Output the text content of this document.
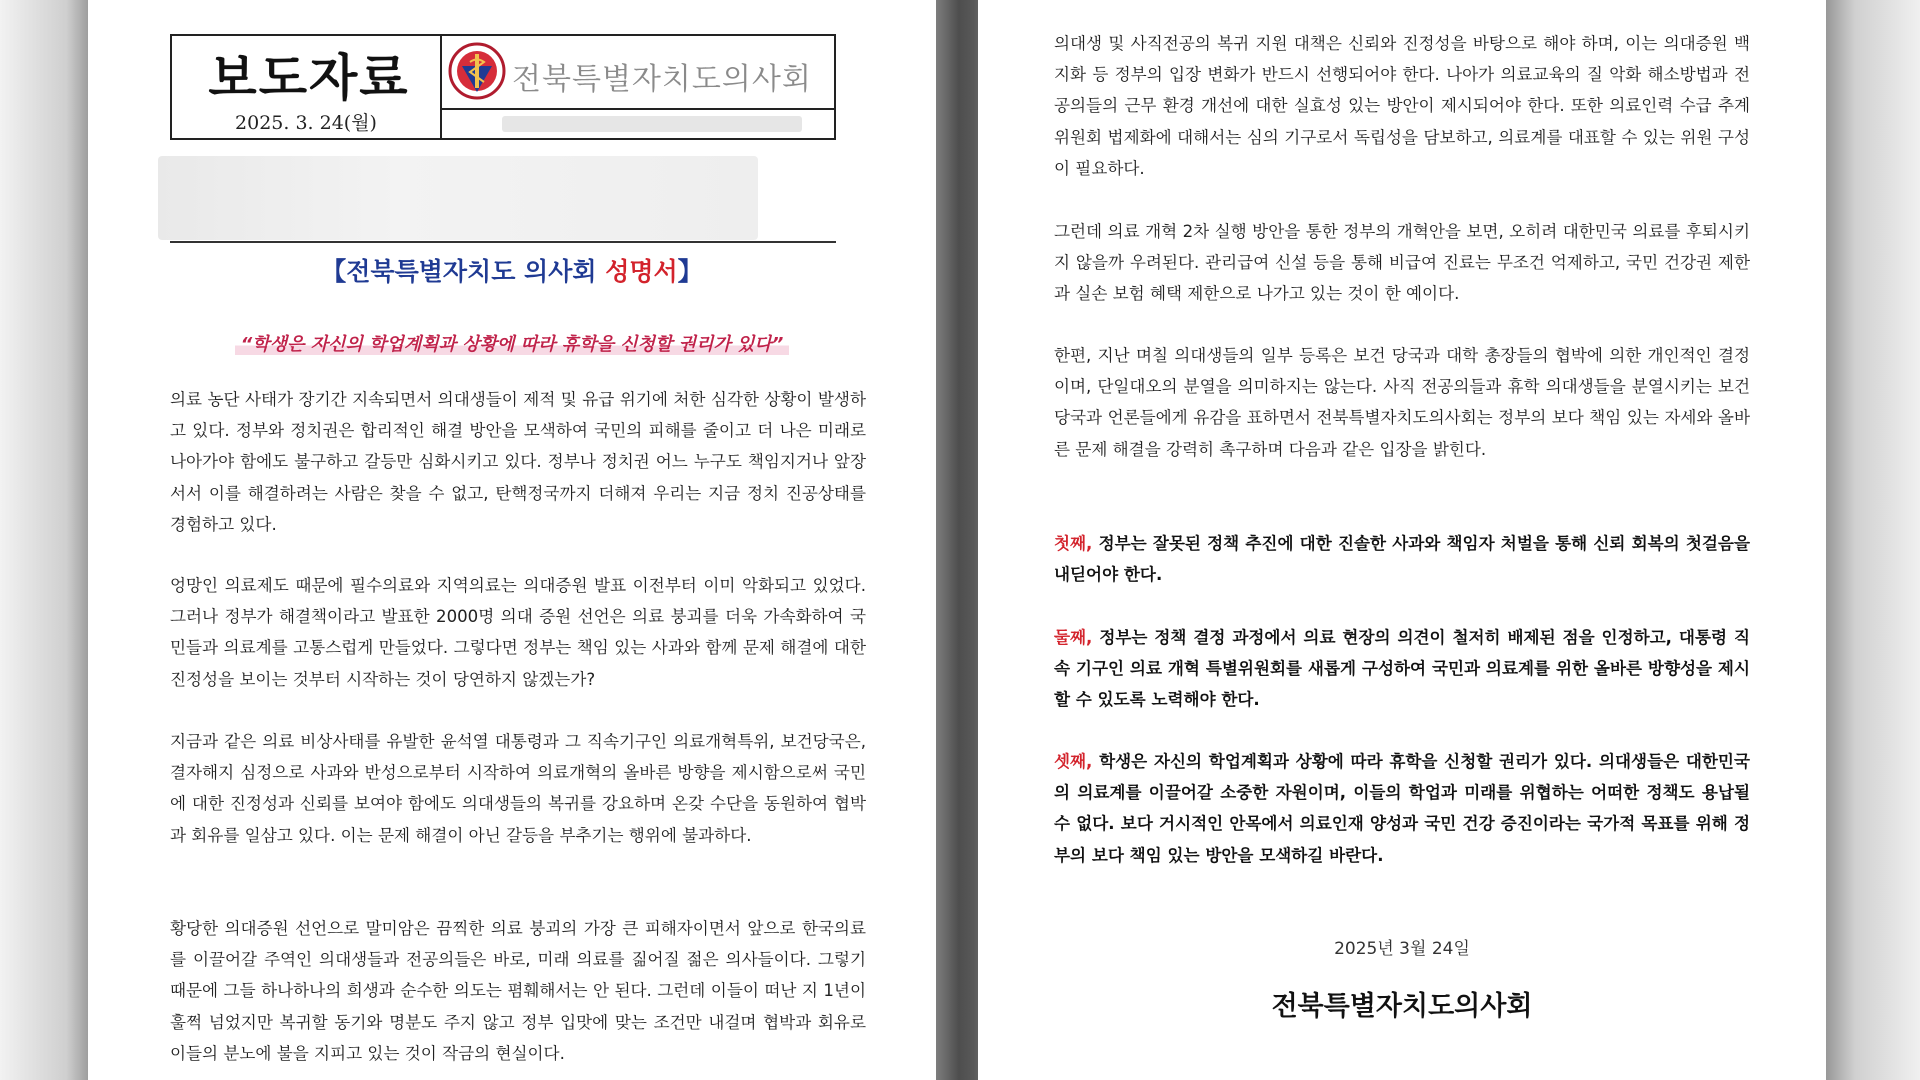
보도자료
2025. 3. 24(월)
전북특별자치도의사회
【전북특별자치도 의사회 성명서】
“학생은 자신의 학업계획과 상황에 따라 휴학을 신청할 권리가 있다”

의료 농단 사태가 장기간 지속되면서 의대생들이 제적 및 유급 위기에 처한 심각한 상황이 발생하고 있다. 정부와 정치권은 합리적인 해결 방안을 모색하여 국민의 피해를 줄이고 더 나은 미래로 나아가야 함에도 불구하고 갈등만 심화시키고 있다. 정부나 정치권 어느 누구도 책임지거나 앞장서서 이를 해결하려는 사람은 찾을 수 없고, 탄핵정국까지 더해져 우리는 지금 정치 진공상태를 경험하고 있다.

엉망인 의료제도 때문에 필수의료와 지역의료는 의대증원 발표 이전부터 이미 악화되고 있었다. 그러나 정부가 해결책이라고 발표한 2000명 의대 증원 선언은 의료 붕괴를 더욱 가속화하여 국민들과 의료계를 고통스럽게 만들었다. 그렇다면 정부는 책임 있는 사과와 함께 문제 해결에 대한 진정성을 보이는 것부터 시작하는 것이 당연하지 않겠는가?

지금과 같은 의료 비상사태를 유발한 윤석열 대통령과 그 직속기구인 의료개혁특위, 보건당국은, 결자해지 심정으로 사과와 반성으로부터 시작하여 의료개혁의 올바른 방향을 제시함으로써 국민에 대한 진정성과 신뢰를 보여야 함에도 의대생들의 복귀를 강요하며 온갖 수단을 동원하여 협박과 회유를 일삼고 있다. 이는 문제 해결이 아닌 갈등을 부추기는 행위에 불과하다.

황당한 의대증원 선언으로 말미암은 끔찍한 의료 붕괴의 가장 큰 피해자이면서 앞으로 한국의료를 이끌어갈 주역인 의대생들과 전공의들은 바로, 미래 의료를 짊어질 젊은 의사들이다. 그렇기 때문에 그들 하나하나의 희생과 순수한 의도는 폄훼해서는 안 된다. 그런데 이들이 떠난 지 1년이 훌쩍 넘었지만 복귀할 동기와 명분도 주지 않고 정부 입맛에 맞는 조건만 내걸며 협박과 회유로 이들의 분노에 불을 지피고 있는 것이 작금의 현실이다.

의대생 및 사직전공의 복귀 지원 대책은 신뢰와 진정성을 바탕으로 해야 하며, 이는 의대증원 백지화 등 정부의 입장 변화가 반드시 선행되어야 한다. 나아가 의료교육의 질 악화 해소방법과 전공의들의 근무 환경 개선에 대한 실효성 있는 방안이 제시되어야 한다. 또한 의료인력 수급 추계위원회 법제화에 대해서는 심의 기구로서 독립성을 담보하고, 의료계를 대표할 수 있는 위원 구성이 필요하다.

그런데 의료 개혁 2차 실행 방안을 통한 정부의 개혁안을 보면, 오히려 대한민국 의료를 후퇴시키지 않을까 우려된다. 관리급여 신설 등을 통해 비급여 진료는 무조건 억제하고, 국민 건강권 제한과 실손 보험 혜택 제한으로 나가고 있는 것이 한 예이다.

한편, 지난 며칠 의대생들의 일부 등록은 보건 당국과 대학 총장들의 협박에 의한 개인적인 결정이며, 단일대오의 분열을 의미하지는 않는다. 사직 전공의들과 휴학 의대생들을 분열시키는 보건당국과 언론들에게 유감을 표하면서 전북특별자치도의사회는 정부의 보다 책임 있는 자세와 올바른 문제 해결을 강력히 촉구하며 다음과 같은 입장을 밝힌다.

첫째, 정부는 잘못된 정책 추진에 대한 진솔한 사과와 책임자 처벌을 통해 신뢰 회복의 첫걸음을 내딛어야 한다.

둘째, 정부는 정책 결정 과정에서 의료 현장의 의견이 철저히 배제된 점을 인정하고, 대통령 직속 기구인 의료 개혁 특별위원회를 새롭게 구성하여 국민과 의료계를 위한 올바른 방향성을 제시할 수 있도록 노력해야 한다.

셋째, 학생은 자신의 학업계획과 상황에 따라 휴학을 신청할 권리가 있다. 의대생들은 대한민국의 의료계를 이끌어갈 소중한 자원이며, 이들의 학업과 미래를 위협하는 어떠한 정책도 용납될 수 없다. 보다 거시적인 안목에서 의료인재 양성과 국민 건강 증진이라는 국가적 목표를 위해 정부의 보다 책임 있는 방안을 모색하길 바란다.

2025년 3월 24일
전북특별자치도의사회
